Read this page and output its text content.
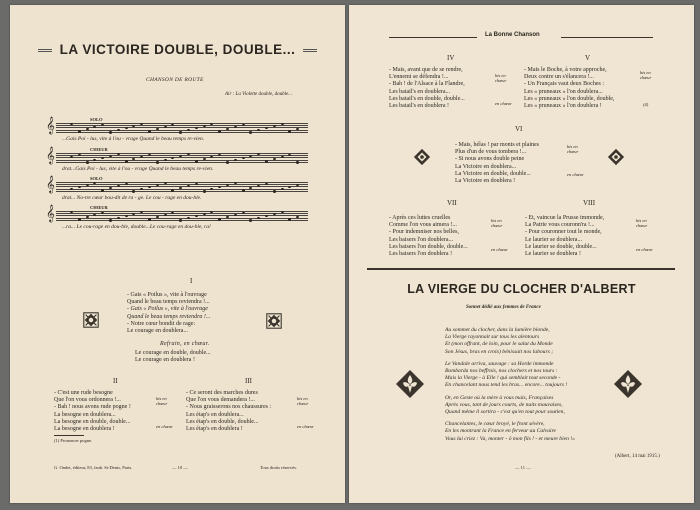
LA VICTOIRE DOUBLE, DOUBLE...
CHANSON DE ROUTE
Air : La Violette double, double...
SOLO
𝄞
...Gais Poi - lus, vite à l'ou - vrage Quand le beau temps re-vien.
CHŒUR
𝄞
drat...Gais Poi - lus, vite à l'ou - vrage Quand le beau temps re-vien.
SOLO
𝄞
drat... No-tre cœur bou-dit de ra - ge. Le cou - rage en dou-ble.
CHŒUR
𝄞
...ra... Le cou-rage en dou-ble, double...Le cou-rage en dou-ble, ra!
I
- Gais « Poilus », vite à l'ouvrage
Quand le beau temps reviendra !...
- Gais « Poilus », vite à l'ouvrage
Quand le beau temps reviendra !...
- Notre cœur bondit de rage:
Le courage en doublera...
Refrain, en chœur.
Le courage en double, double...
Le courage en doublera !
II
- C'est une rude besogne
Que l'on vous ordonnera !...
- Bah ! nous avons rude pogne !
La besogne en doublera...
La besogne en double, double...
La besogne en doublera !
bis en chœur
en chœur
III
- Ce seront des marches dures
Que l'on vous demandera !...
- Nous graisserons nos chaussures :
Les étap's en doublera...
Les étap's en double, double...
Les étap's en doublera !
bis en chœur
en chœur
(1) Prononcer pogne.
G. Ondet, éditeur, 83, faub. St-Denis, Paris.	— 10 —	Tous droits réservés.
La Bonne Chanson
IV
- Mais, avant que de se rendre,
L'ennemi se défendra !...
- Bah ! de l'Alsace à la Flandre,
Les batail's en doublera...
Les batail's en double, double...
Les batail's en doublera !
bis en chœur
en chœur
V
- Mais le Boche, à votre approche,
Deux contre un s'élancera !...
- Un Français vaut deux Boches :
Les « pruneaux » l'on doublera...
Les « pruneaux » l'on double, double,
Les « pruneaux » l'on doublera !
bis en chœur
(4)
VI
- Mais, hélas ! par monts et plaines
Plus d'un de vous tombera !...
- Si nous avons double peine
La Victoire en doublera...
La Victoire en double, double...
La Victoire en doublera !
bis en chœur
en chœur
VII
- Après ces luttes cruelles
Comme l'on vous aimera !...
- Pour indemniser nos belles,
Les baisers l'on doublera...
Les baisers l'on double, double...
Les baisers l'on doublera !
bis en chœur
en chœur
VIII
- Et, vaincue la Prusse immonde,
La Patrie vous couronn'ra !...
- Pour couronner tout le monde,
Le laurier se doublera...
Le laurier se double, double...
Le laurier se doublera !
bis en chœur
en chœur
LA VIERGE DU CLOCHER D'ALBERT
Sonnet dédié aux femmes de France
Au sommet du clocher, dans la lumière blonde,
La Vierge rayonnait sur tous les alentours
Et (mon offrant, de loin, pour le salut du Monde
Son Jésus, bras en croix) bénissait nos labours ;
Le Vandale arriva, sauvage : sa Horde immonde
Bombarda nos beffrois, nos clochers et nos tours :
Mais la Vierge - à Elle ! qui semblait tout seconde -
En chancelant nous tend les bras... encore... toujours !
Or, en Geste où la mère à vous mais, Françaises
Après vous, tant de jours courts, de nuits mauvaises,
Quand même il sortira - c'est qu'en tout pour soutien,
Chancelantes, le cœur broyé, le front sévère,
En les montrant la France en ferveur au Calvaire
Vous lui criez : Va, monter - ô mon fils ! - et meure bien !»
(Albert, 14 mai 1915.)
— 11 —
